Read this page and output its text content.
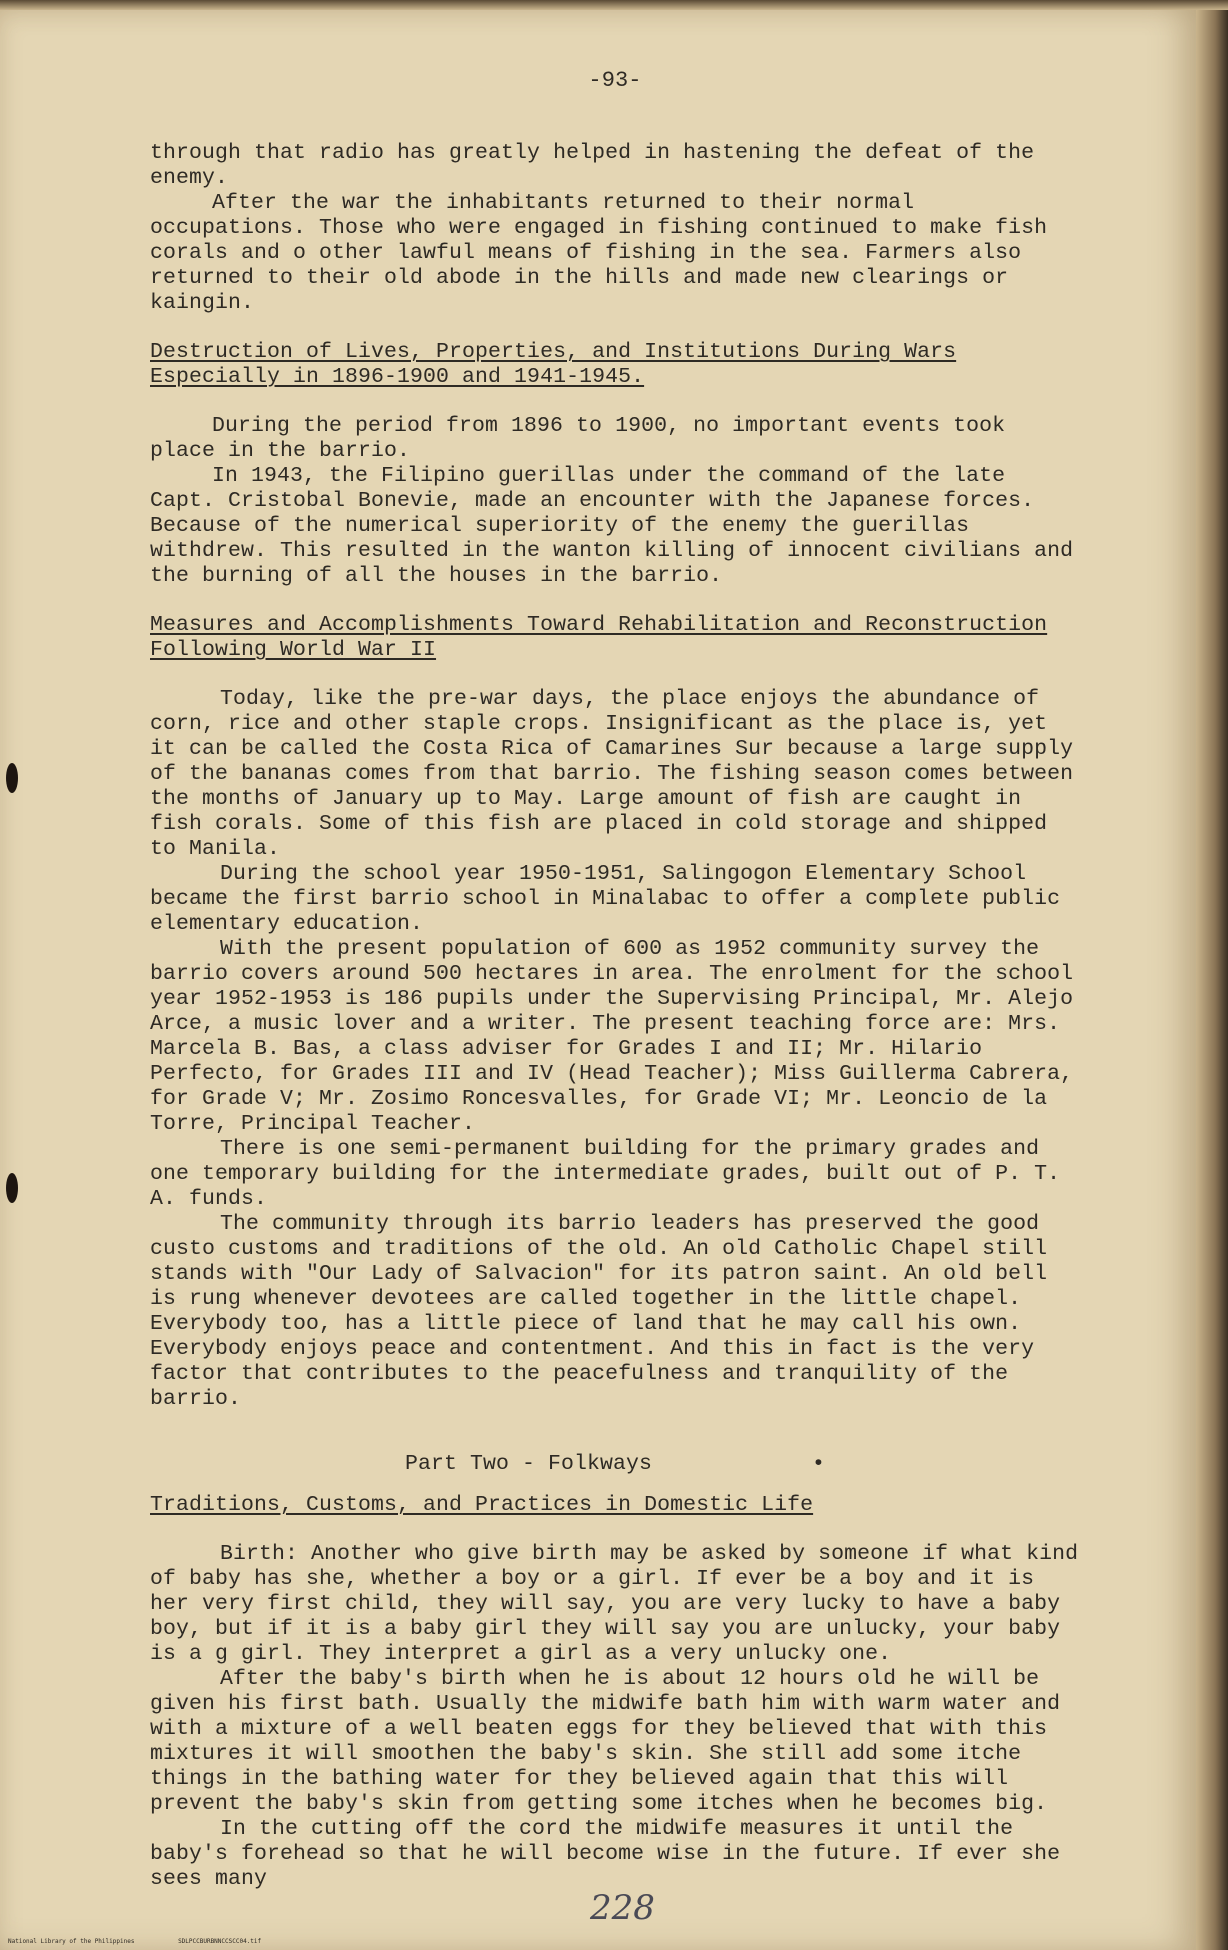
-93-

through that radio has greatly helped in hastening the defeat of the enemy.

After the war the inhabitants returned to their normal occupations. Those who were engaged in fishing continued to make fish corals and o other lawful means of fishing in the sea. Farmers also returned to their old abode in the hills and made new clearings or kaingin.

Destruction of Lives, Properties, and Institutions During Wars Especially in 1896-1900 and 1941-1945.

During the period from 1896 to 1900, no important events took place in the barrio.

In 1943, the Filipino guerillas under the command of the late Capt. Cristobal Bonevie, made an encounter with the Japanese forces. Because of the numerical superiority of the enemy the guerillas withdrew. This resulted in the wanton killing of innocent civilians and the burning of all the houses in the barrio.

Measures and Accomplishments Toward Rehabilitation and Reconstruction Following World War II

Today, like the pre-war days, the place enjoys the abundance of corn, rice and other staple crops. Insignificant as the place is, yet it can be called the Costa Rica of Camarines Sur because a large supply of the bananas comes from that barrio. The fishing season comes between the months of January up to May. Large amount of fish are caught in fish corals. Some of this fish are placed in cold storage and shipped to Manila.

During the school year 1950-1951, Salingogon Elementary School became the first barrio school in Minalabac to offer a complete public elementary education.

With the present population of 600 as 1952 community survey the barrio covers around 500 hectares in area. The enrolment for the school year 1952-1953 is 186 pupils under the Supervising Principal, Mr. Alejo Arce, a music lover and a writer. The present teaching force are: Mrs. Marcela B. Bas, a class adviser for Grades I and II; Mr. Hilario Perfecto, for Grades III and IV (Head Teacher); Miss Guillerma Cabrera, for Grade V; Mr. Zosimo Roncesvalles, for Grade VI; Mr. Leoncio de la Torre, Principal Teacher.

There is one semi-permanent building for the primary grades and one temporary building for the intermediate grades, built out of P. T. A. funds.

The community through its barrio leaders has preserved the good custo customs and traditions of the old. An old Catholic Chapel still stands with "Our Lady of Salvacion" for its patron saint. An old bell is rung whenever devotees are called together in the little chapel. Everybody too, has a little piece of land that he may call his own. Everybody enjoys peace and contentment. And this in fact is the very factor that contributes to the peacefulness and tranquility of the barrio.

Part Two - Folkways	•

Traditions, Customs, and Practices in Domestic Life

Birth: Another who give birth may be asked by someone if what kind of baby has she, whether a boy or a girl. If ever be a boy and it is her very first child, they will say, you are very lucky to have a baby boy, but if it is a baby girl they will say you are unlucky, your baby is a g girl. They interpret a girl as a very unlucky one.

After the baby's birth when he is about 12 hours old he will be given his first bath. Usually the midwife bath him with warm water and with a mixture of a well beaten eggs for they believed that with this mixtures it will smoothen the baby's skin. She still add some itche things in the bathing water for they believed again that this will prevent the baby's skin from getting some itches when he becomes big.

In the cutting off the cord the midwife measures it until the baby's forehead so that he will become wise in the future. If ever she sees many

228
National Library of the Philippines	SDLPCCBURBNNCCSCC04.tif
